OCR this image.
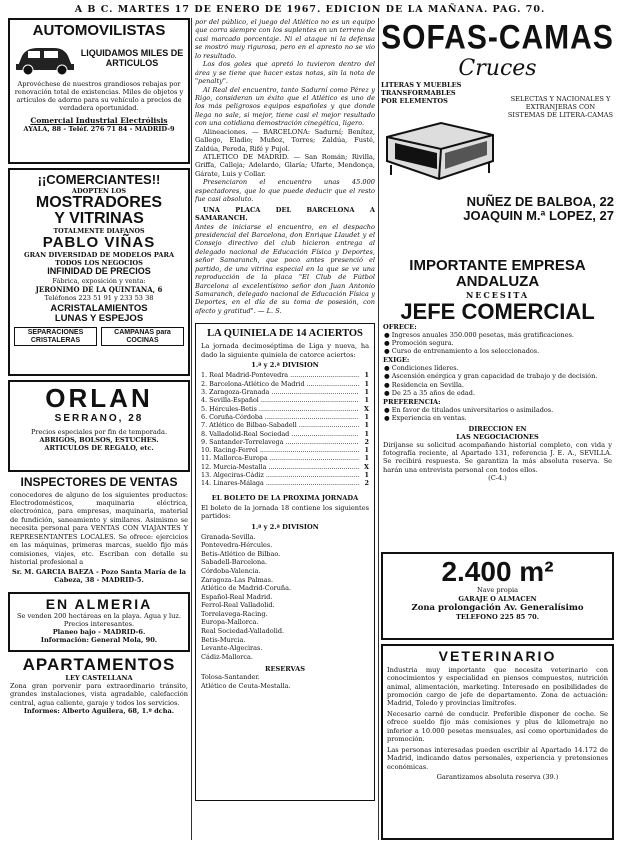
A B C. MARTES 17 DE ENERO DE 1967. EDICION DE LA MAÑANA. PAG. 70.
AUTOMOVILISTAS
LIQUIDAMOS MILES DE ARTICULOS
Aprovéchese de nuestros grandiosos rebajas por renovación total de existencias. Miles de objetos y artículos de adorno para su vehículo a precios de verdadera oportunidad.
Comercial Industrial Electrólisis
AYALA, 88 - Teléf. 276 71 84 - MADRID-9
¡¡COMERCIANTES!!
ADOPTEN LOS
MOSTRADORES
Y VITRINAS
TOTALMENTE DIAFANOS
PABLO VIÑAS
GRAN DIVERSIDAD DE MODELOS PARA TODOS LOS NEGOCIOS
INFINIDAD DE PRECIOS
Fábrica, exposición y venta:
JERONIMO DE LA QUINTANA, 6
Teléfonos 223 51 91 y 233 53 38
ACRISTALAMIENTOS
LUNAS Y ESPEJOS
SEPARACIONES CRISTALERAS
CAMPANAS para COCINAS
ORLAN
SERRANO, 28
Precios especiales por fin de temporada.
ABRIGOS, BOLSOS, ESTUCHES.
ARTICULOS DE REGALO, etc.
INSPECTORES DE VENTAS
conocedores de alguno de los siguientes productos: Electrodomésticos, maquinaria eléctrica, electroónica, para empresas, maquinaria, material de fundición, saneamiento y similares. Asimismo se necesita personal para VENTAS CON VIAJANTES Y REPRESENTANTES LOCALES. Se ofrece: ejercicios en las máquinas, primeras marcas, sueldo fijo más comisiones, viajes, etc. Escriban con detalle su historial profesional a
Sr. M. GARCIA BAEZA - Pozo Santa María de la Cabeza, 38 - MADRID-5.
EN ALMERIA
Se venden 200 hectáreas en la playa. Agua y luz. Precios interesantes.
Planeo bajo - MADRID-6.
Información: General Mola, 90.
APARTAMENTOS
LEY CASTELLANA
Zona gran porvenir para extraordinario tránsito, grandes instalaciones, vista agradable, calefacción central, agua caliente, garaje y todos los servicios.
Informes: Alberto Aguilera, 68, 1.º dcha.
por del público, el juego del Atlético no es un equipo que corra siempre con los suplentes en un terreno de casi marcado porcentaje. Ni el ataque ni la defensa se mostró muy rigurosa, pero en el apresto no se vio lo resultado.
Los dos goles que apretó lo tuvieron dentro del área y se tiene que hacer estas notas, sin la nota de "penalty".
Al Real del encuentro, tanto Sadurní como Pérez y Rigo, consideran un éxito que el Atlético es uno de los más peligrosos equipos españoles y que donde llega no sale, si mejor, tiene casi el mejor resultado con una cotidiana demostración cinegética, ligero.
Alineaciones. — BARCELONA: Sadurní; Benítez, Gallego, Eladio; Muñoz, Torres; Zaldúa, Fusté, Zaldúa, Pereda, Rifé y Pujol.
ATLETICO DE MADRID. — San Román; Rivilla, Griffa, Calleja; Adelardo, Glaría; Ufarte, Mendonça, Gárate, Luis y Collar.
Presenciaron el encuentro unas 45.000 espectadores, que lo que puede deducir que el resto fue casi absoluto.
UNA PLACA DEL BARCELONA A SAMARANCH.
Antes de iniciarse el encuentro, en el despacho presidencial del Barcelona, don Enrique Llaudet y el Consejo directivo del club hicieron entrega al delegado nacional de Educación Física y Deportes, señor Samaranch, que poco antes presenció el partido, de una vitrina especial en la que se ve una reproducción de la placa "El Club de Fútbol Barcelona al excelentísimo señor don Juan Antonio Samaranch, delegado nacional de Educación Física y Deportes, en el día de su toma de posesión, con afecto y gratitud". — L. S.
LA QUINIELA DE 14 ACIERTOS
La jornada decimoséptima de Liga y nueva, ha dado la siguiente quiniela de catorce aciertos:
1.ª y 2.ª DIVISION
1. Real Madrid-Pontevedra .....	1
2. Barcelona-Atlético de Madrid .....	1
3. Zaragoza-Granada .....	1
4. Sevilla-Español .....	1
5. Hércules-Betis .....	X
6. Coruña-Córdoba .....	1
7. Atlético de Bilbao-Sabadell .....	1
8. Valladolid-Real Sociedad .....	1
9. Santander-Torrelavega .....	2
10. Racing-Ferrol .....	1
11. Mallorca-Europa .....	1
12. Murcia-Mestalla .....	X
13. Algeciras-Cádiz .....	1
14. Linares-Málaga .....	2
EL BOLETO DE LA PROXIMA JORNADA
El boleto de la jornada 18 contiene los siguientes partidos:
1.ª y 2.ª DIVISION
Granada-Sevilla.
Pontevedra-Hércules.
Betis-Atlético de Bilbao.
Sabadell-Barcelona.
Córdoba-Valencia.
Zaragoza-Las Palmas.
Atlético de Madrid-Coruña.
Español-Real Madrid.
Ferrol-Real Valladolid.
Torrelavega-Racing.
Europa-Mallorca.
Real Sociedad-Valladolid.
Betis-Murcia.
Levante-Algeciras.
Cádiz-Mallorca.
RESERVAS
Tolosa-Santander.
Atlético de Ceuta-Mestalla.
SOFAS-CAMAS
Cruces
LITERAS Y MUEBLES TRANSFORMABLES
POR ELEMENTOS	SELECTAS Y NACIONALES Y EXTRANJERAS CON SISTEMAS DE LITERA-CAMAS
NUÑEZ DE BALBOA, 22
JOAQUIN M.ª LOPEZ, 27
IMPORTANTE EMPRESA ANDALUZA
NECESITA
JEFE COMERCIAL
OFRECE:
● Ingresos anuales 350.000 pesetas, más gratificaciones.
● Promoción segura.
● Curso de entrenamiento a los seleccionados.
EXIGE:
● Condiciones líderes.
● Ascensión enérgica y gran capacidad de trabajo y de decisión.
● Residencia en Sevilla.
● De 25 a 35 años de edad.
PREFERENCIA:
● En favor de titulados universitarios o asimilados.
● Experiencia en ventas.
DIRECCION EN
LAS NEGOCIACIONES
Diríjanse su solicitud acompañando historial completo, con vida y fotografía reciente, al Apartado 131, referencia J. E. A., SEVILLA. Se recibirá respuesta. Se garantiza la más absoluta reserva. Se harán una entrevista personal con todos ellos.
(C-4.)
2.400 m²
Nave propia
GARAJE O ALMACEN
Zona prolongación Av. Generalísimo
TELEFONO 225 85 70.
VETERINARIO
Industria muy importante que necesita veterinario con conocimientos y especialidad en piensos compuestos, nutrición animal, alimentación, marketing. Interesado en posibilidades de promoción cargo de jefe de departamento. Zona de actuación: Madrid, Toledo y provincias limítrofes.
Necesario carné de conducir. Preferible disponer de coche. Se ofrece sueldo fijo más comisiones y plus de kilometraje no inferior a 10.000 pesetas mensuales, así como oportunidades de promoción.
Las personas interesadas pueden escribir al Apartado 14.172 de Madrid, indicando datos personales, experiencia y pretensiones económicas.
Garantizamos absoluta reserva (39.)
